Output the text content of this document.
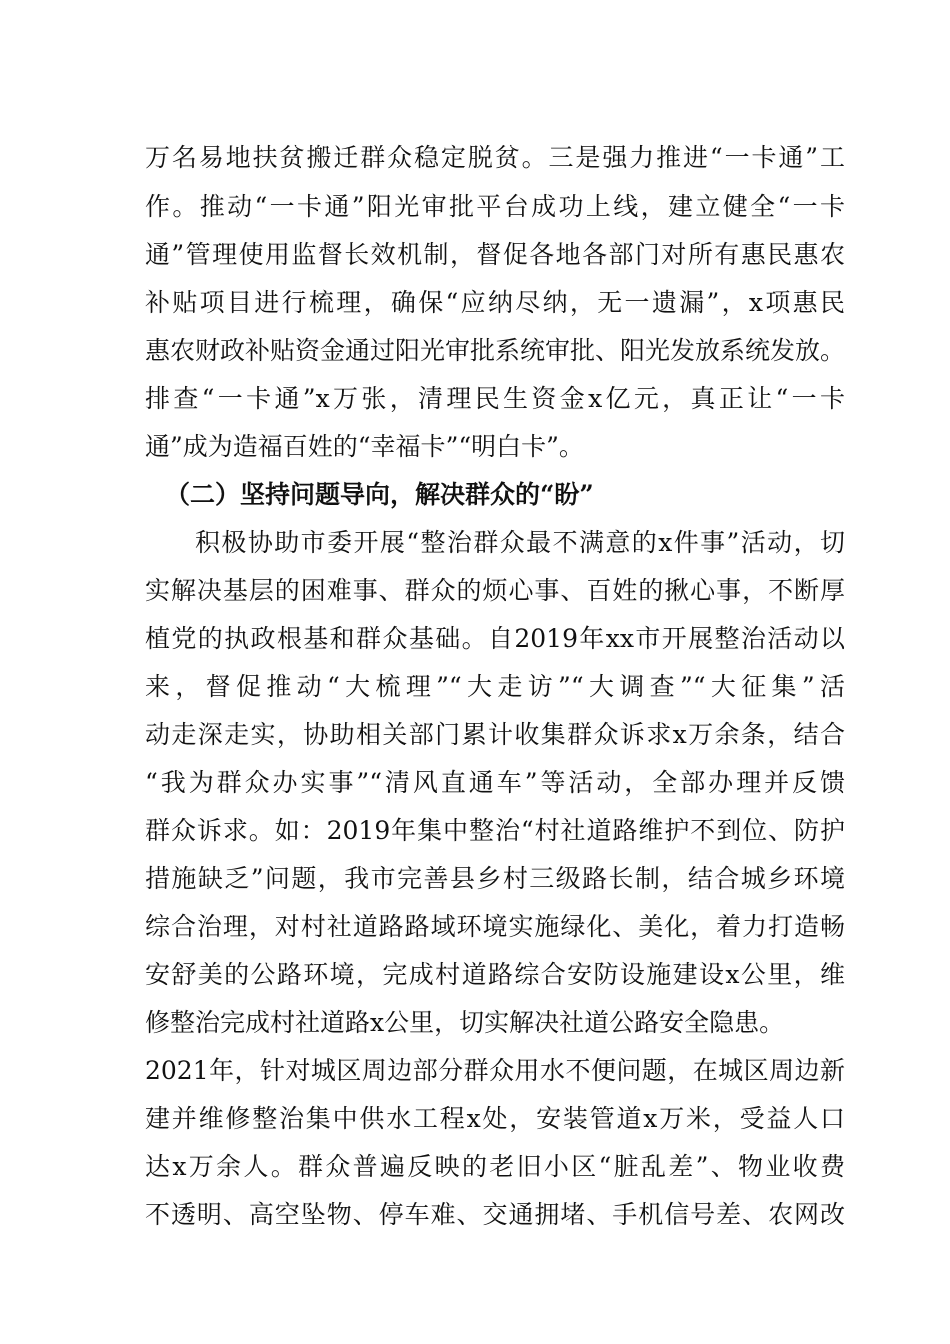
万名易地扶贫搬迁群众稳定脱贫。三是强力推进“一卡通”工
作。推动“一卡通”阳光审批平台成功上线，建立健全“一卡
通”管理使用监督长效机制，督促各地各部门对所有惠民惠农
补贴项目进行梳理，确保“应纳尽纳，无一遗漏”，x项惠民
惠农财政补贴资金通过阳光审批系统审批、阳光发放系统发放。
排查“一卡通”x万张，清理民生资金x亿元，真正让“一卡
通”成为造福百姓的“幸福卡”“明白卡”。
（二）坚持问题导向，解决群众的“盼”
积极协助市委开展“整治群众最不满意的x件事”活动，切
实解决基层的困难事、群众的烦心事、百姓的揪心事，不断厚
植党的执政根基和群众基础。自2019年xx市开展整治活动以
来，督促推动“大梳理”“大走访”“大调查”“大征集”活
动走深走实，协助相关部门累计收集群众诉求x万余条，结合
“我为群众办实事”“清风直通车”等活动，全部办理并反馈
群众诉求。如：2019年集中整治“村社道路维护不到位、防护
措施缺乏”问题，我市完善县乡村三级路长制，结合城乡环境
综合治理，对村社道路路域环境实施绿化、美化，着力打造畅
安舒美的公路环境，完成村道路综合安防设施建设x公里，维
修整治完成村社道路x公里，切实解决社道公路安全隐患。
2021年，针对城区周边部分群众用水不便问题，在城区周边新
建并维修整治集中供水工程x处，安装管道x万米，受益人口
达x万余人。群众普遍反映的老旧小区“脏乱差”、物业收费
不透明、高空坠物、停车难、交通拥堵、手机信号差、农网改
